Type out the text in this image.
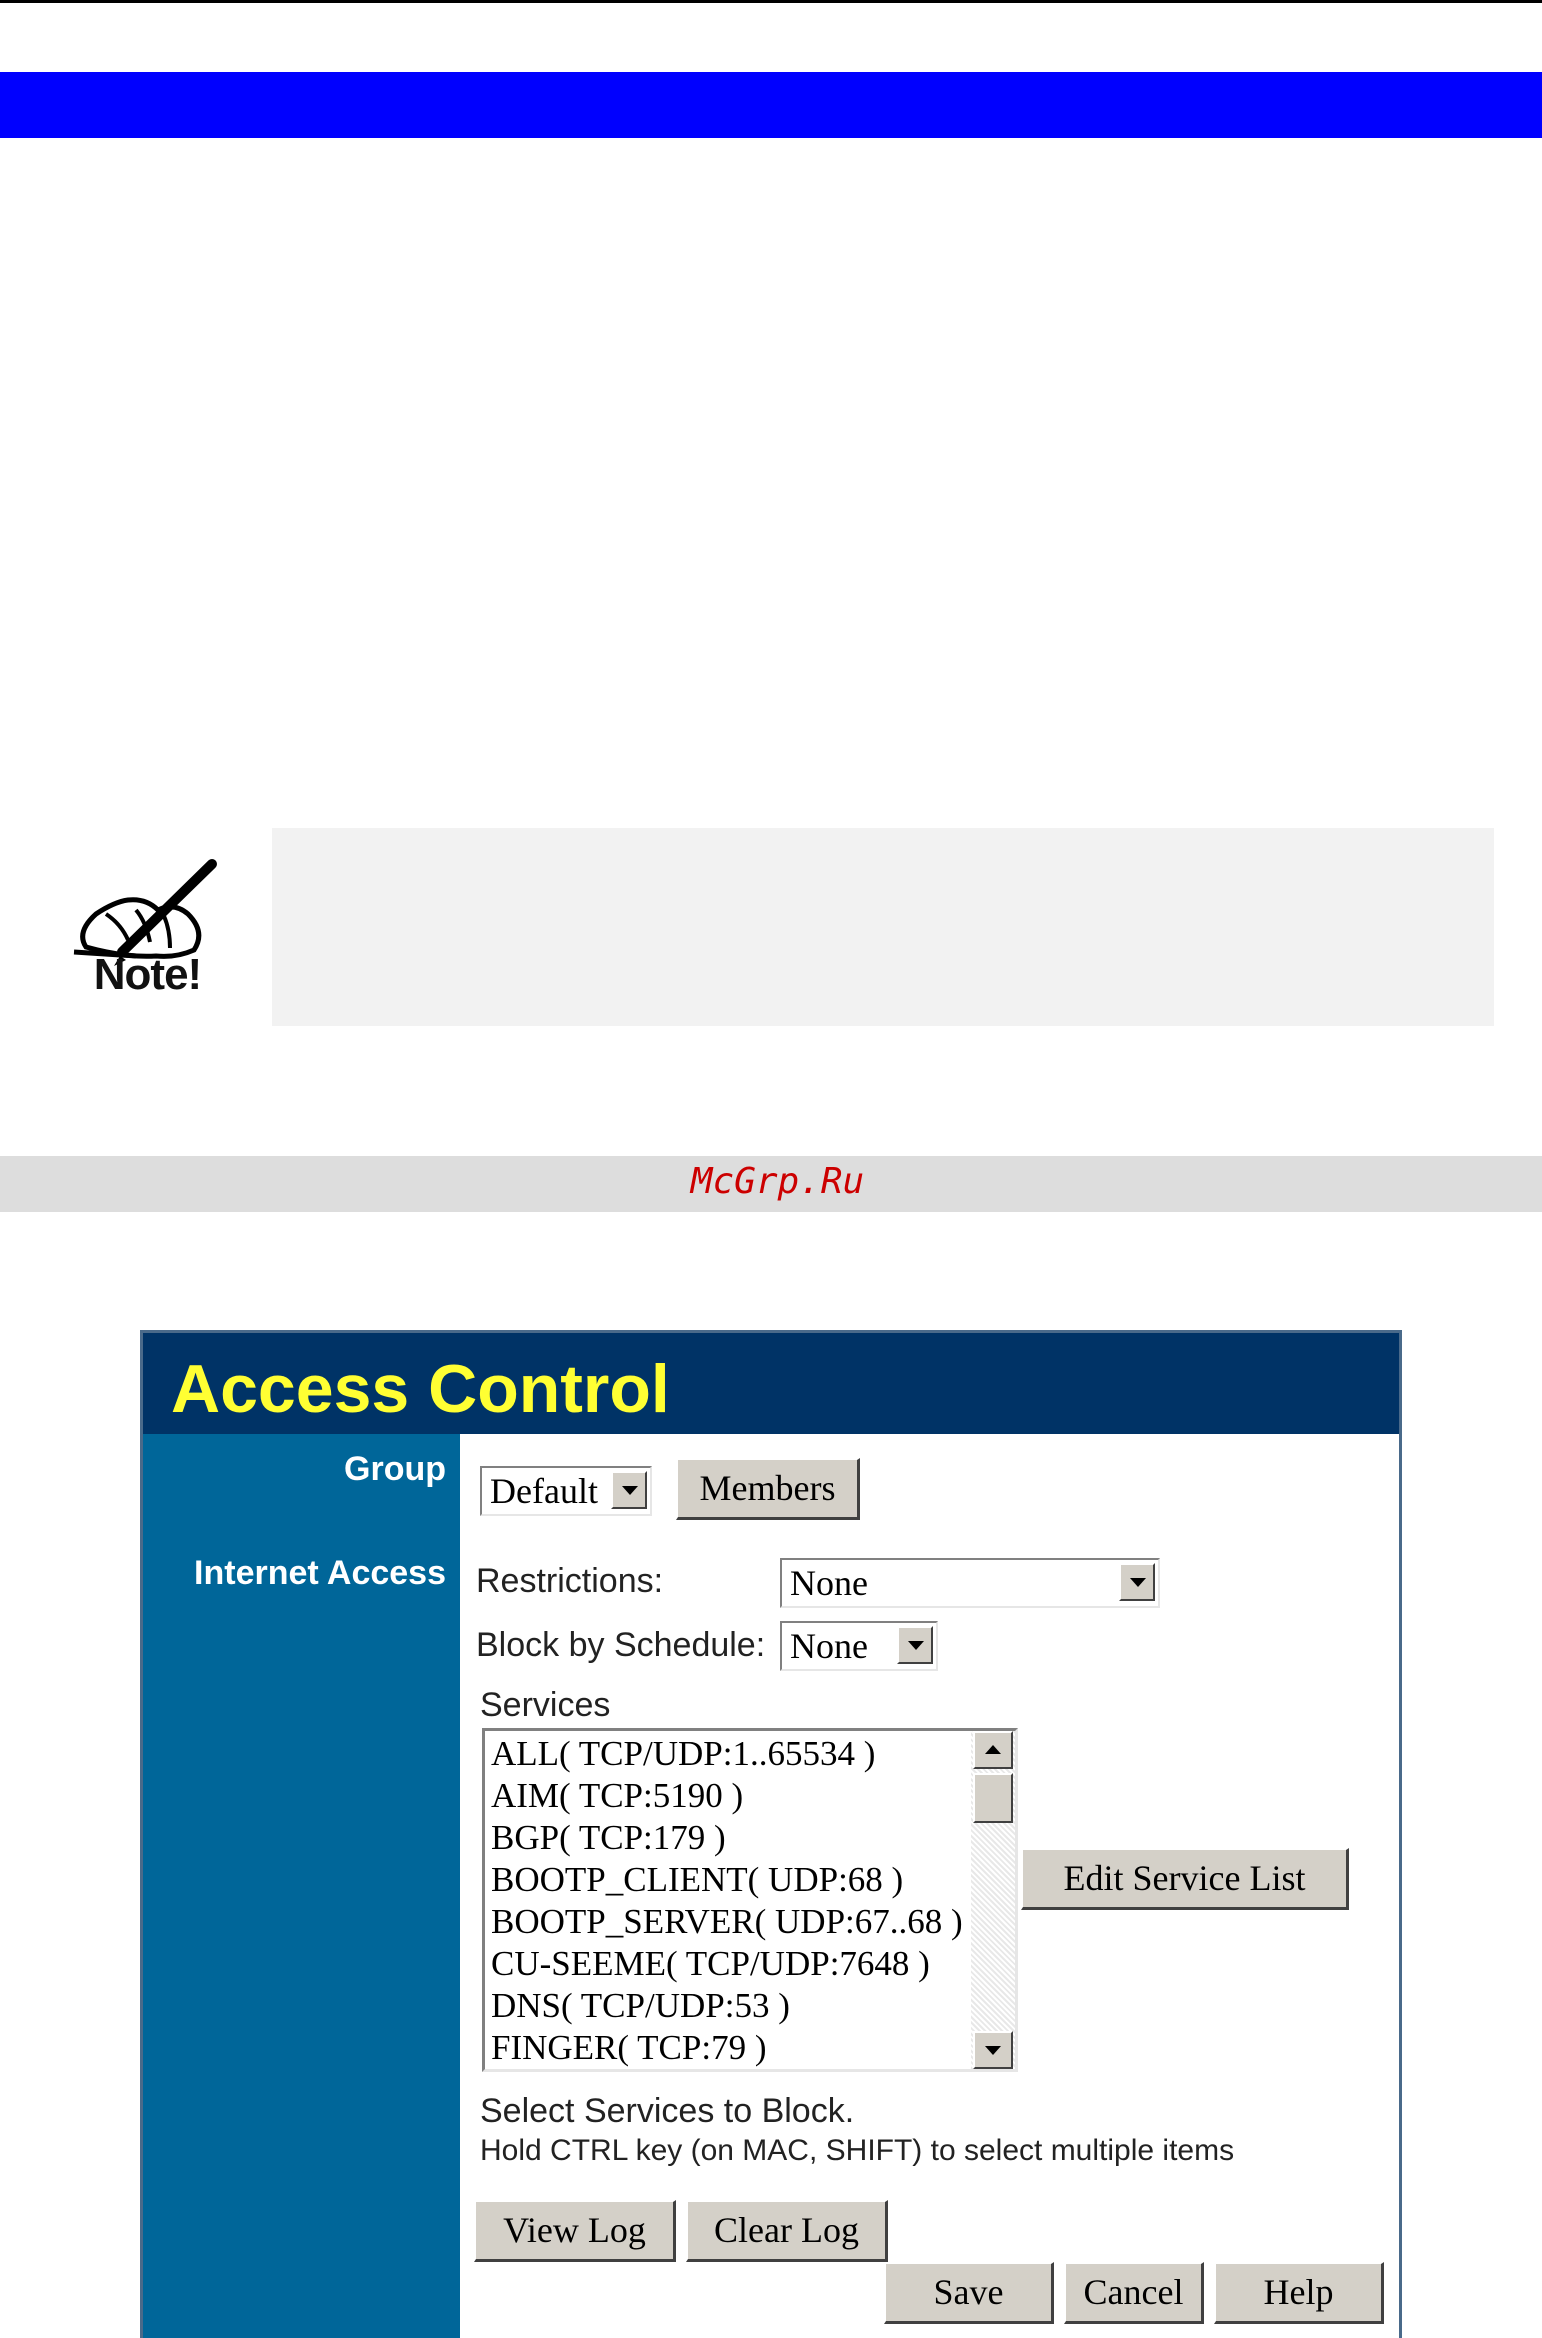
Note!
McGrp.Ru
Access Control
Group
Internet Access
Default	Members
Restrictions:	None
Block by Schedule: None
Services
ALL( TCP/UDP:1..65534 )
AIM( TCP:5190 )
BGP( TCP:179 )
BOOTP_CLIENT( UDP:68 )
BOOTP_SERVER( UDP:67..68 )
CU-SEEME( TCP/UDP:7648 )
DNS( TCP/UDP:53 )
FINGER( TCP:79 )
Edit Service List
Select Services to Block.
Hold CTRL key (on MAC, SHIFT) to select multiple items
View Log	Clear Log
Save	Cancel	Help
